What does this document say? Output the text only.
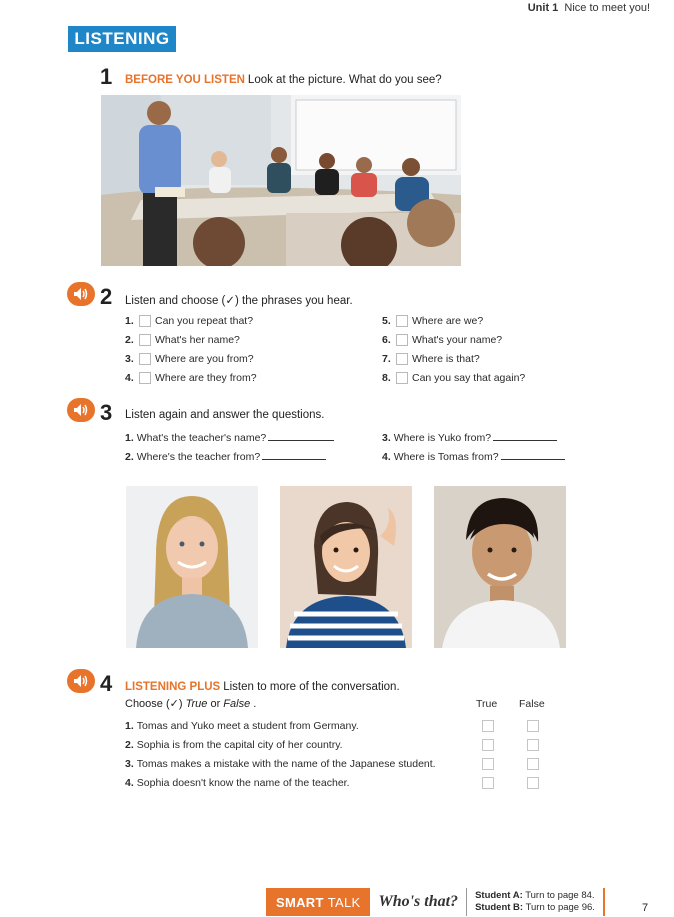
Unit 1 Nice to meet you!
LISTENING
1 BEFORE YOU LISTEN Look at the picture. What do you see?
2 Listen and choose (✓) the phrases you hear.
1.	Can you repeat that?
2.	What's her name?
3.	Where are you from?
4.	Where are they from?
5.	Where are we?
6.	What's your name?
7.	Where is that?
8.	Can you say that again?
3 Listen again and answer the questions.
1. What's the teacher's name?
2. Where's the teacher from?
3. Where is Yuko from?
4. Where is Tomas from?
4 LISTENING PLUS Listen to more of the conversation.
Choose (✓) True or False .	True False
1. Tomas and Yuko meet a student from Germany.
2. Sophia is from the capital city of her country.
3. Tomas makes a mistake with the name of the Japanese student.
4. Sophia doesn't know the name of the teacher.
SMART TALK	Who's that?	Student A: Turn to page 84.
Student B: Turn to page 96.	7
